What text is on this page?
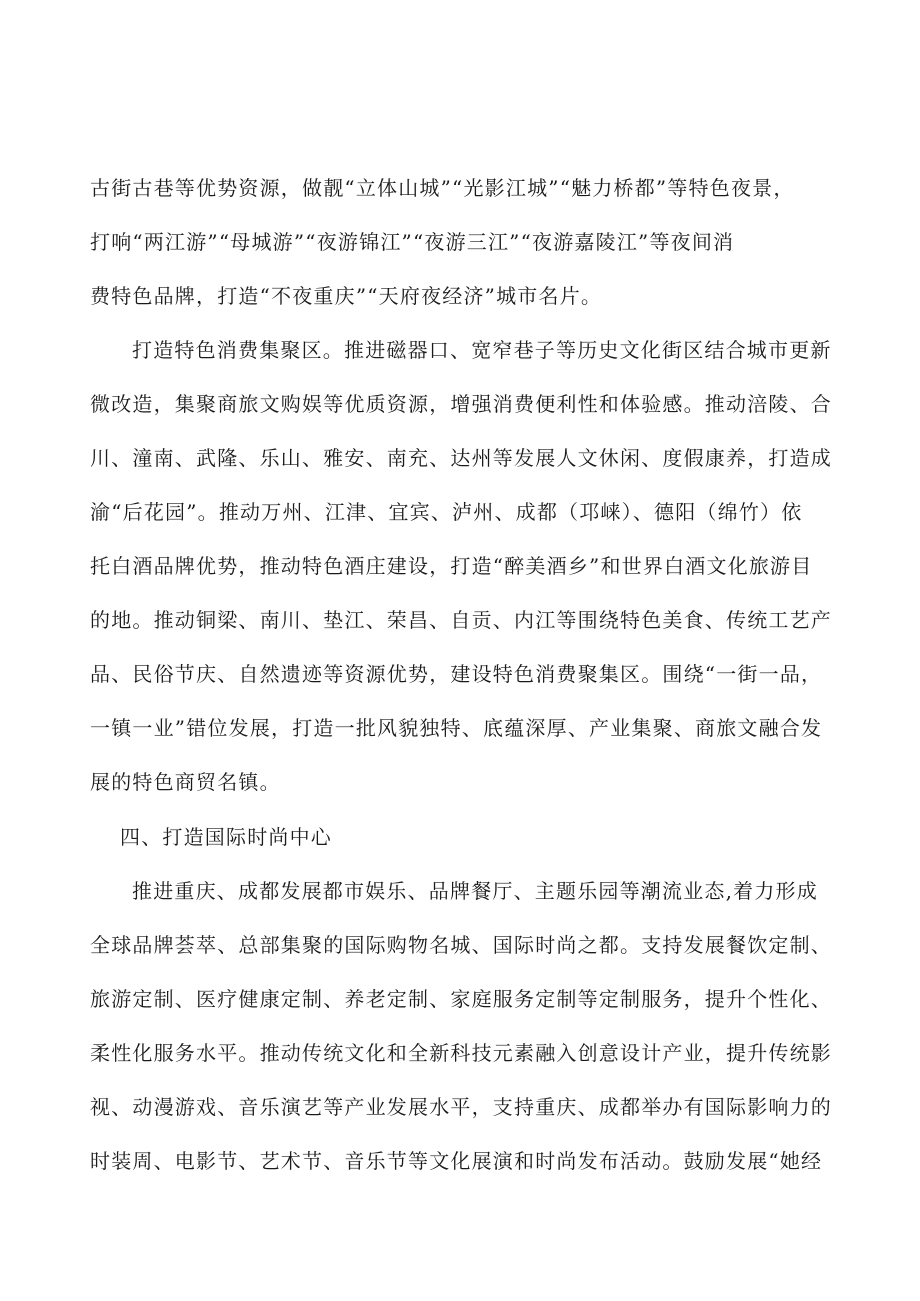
古街古巷等优势资源，做靓“立体山城”“光影江城”“魅力桥都”等特色夜景，

打响“两江游”“母城游”“夜游锦江”“夜游三江”“夜游嘉陵江”等夜间消

费特色品牌，打造“不夜重庆”“天府夜经济”城市名片。

打造特色消费集聚区。推进磁器口、宽窄巷子等历史文化街区结合城市更新

微改造，集聚商旅文购娱等优质资源，增强消费便利性和体验感。推动涪陵、合

川、潼南、武隆、乐山、雅安、南充、达州等发展人文休闲、度假康养，打造成

渝“后花园”。推动万州、江津、宜宾、泸州、成都（邛崃）、德阳（绵竹）依

托白酒品牌优势，推动特色酒庄建设，打造“醉美酒乡”和世界白酒文化旅游目

的地。推动铜梁、南川、垫江、荣昌、自贡、内江等围绕特色美食、传统工艺产

品、民俗节庆、自然遗迹等资源优势，建设特色消费聚集区。围绕“一街一品，

一镇一业”错位发展，打造一批风貌独特、底蕴深厚、产业集聚、商旅文融合发

展的特色商贸名镇。

四、打造国际时尚中心

推进重庆、成都发展都市娱乐、品牌餐厅、主题乐园等潮流业态,着力形成

全球品牌荟萃、总部集聚的国际购物名城、国际时尚之都。支持发展餐饮定制、

旅游定制、医疗健康定制、养老定制、家庭服务定制等定制服务，提升个性化、

柔性化服务水平。推动传统文化和全新科技元素融入创意设计产业，提升传统影

视、动漫游戏、音乐演艺等产业发展水平，支持重庆、成都举办有国际影响力的

时装周、电影节、艺术节、音乐节等文化展演和时尚发布活动。鼓励发展“她经
